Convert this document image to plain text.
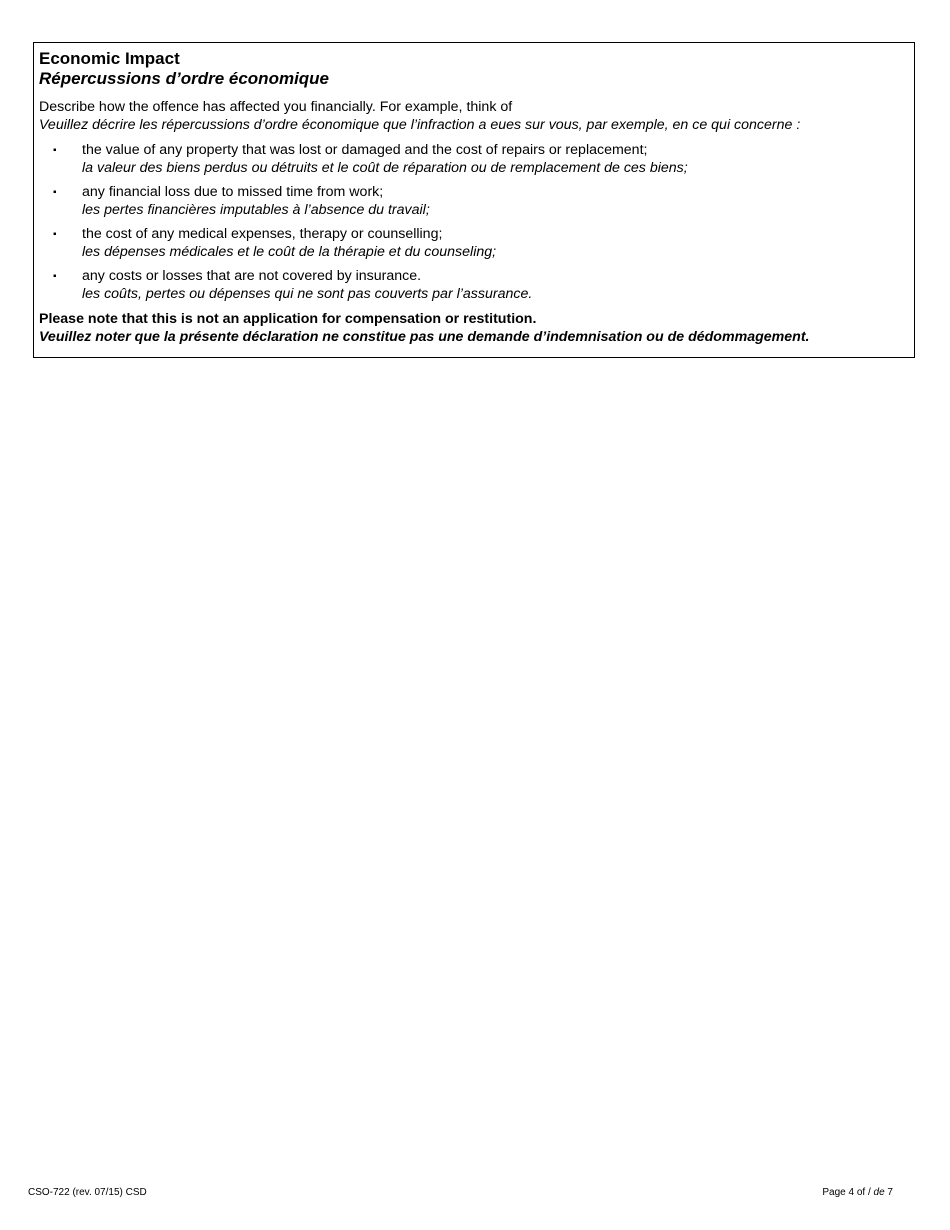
Economic Impact
Répercussions d’ordre économique
Describe how the offence has affected you financially. For example, think of
Veuillez décrire les répercussions d’ordre économique que l’infraction a eues sur vous, par exemple, en ce qui concerne :
▪	the value of any property that was lost or damaged and the cost of repairs or replacement;
la valeur des biens perdus ou détruits et le coût de réparation ou de remplacement de ces biens;
▪	any financial loss due to missed time from work;
les pertes financières imputables à l’absence du travail;
▪	the cost of any medical expenses, therapy or counselling;
les dépenses médicales et le coût de la thérapie et du counseling;
▪	any costs or losses that are not covered by insurance.
les coûts, pertes ou dépenses qui ne sont pas couverts par l’assurance.
Please note that this is not an application for compensation or restitution.
Veuillez noter que la présente déclaration ne constitue pas une demande d’indemnisation ou de dédommagement.
CSO-722 (rev. 07/15) CSD	Page 4 of / de 7
